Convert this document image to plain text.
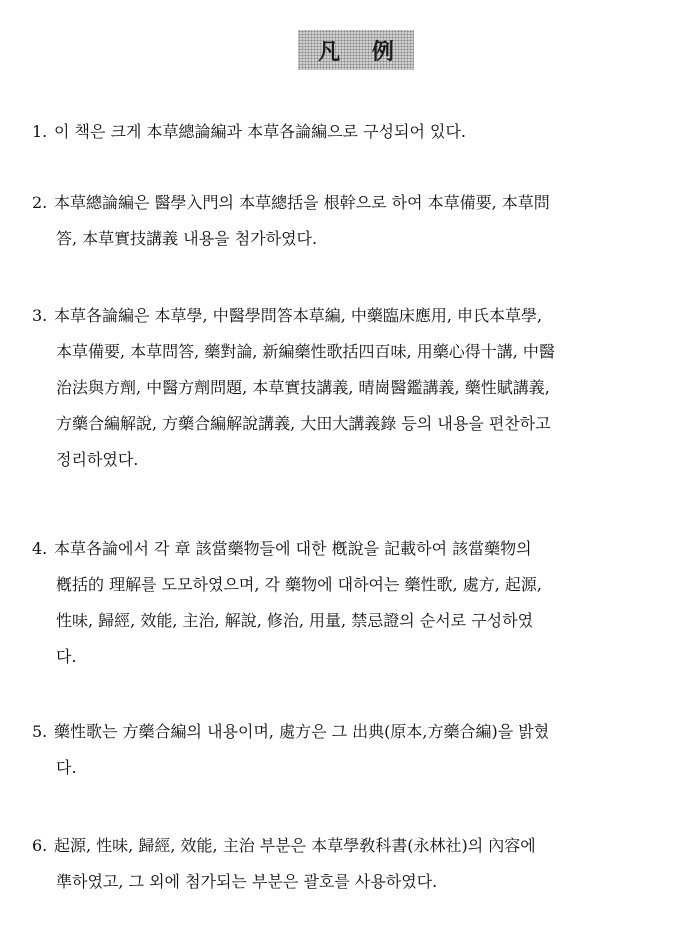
凡 例
1. 이 책은 크게 本草總論編과 本草各論編으로 구성되어 있다.
2. 本草總論編은 醫學入門의 本草總括을 根幹으로 하여 本草備要, 本草問
答, 本草實技講義 내용을 첨가하였다.
3. 本草各論編은 本草學, 中醫學問答本草編, 中藥臨床應用, 申氏本草學,
本草備要, 本草問答, 藥對論, 新編藥性歌括四百味, 用藥心得十講, 中醫
治法與方劑, 中醫方劑問題, 本草實技講義, 晴崗醫鑑講義, 藥性賦講義,
方藥合編解說, 方藥合編解說講義, 大田大講義錄 등의 내용을 편찬하고
정리하였다.
4. 本草各論에서 각 章 該當藥物들에 대한 槪說을 記載하여 該當藥物의
槪括的 理解를 도모하였으며, 각 藥物에 대하여는 藥性歌, 處方, 起源,
性味, 歸經, 效能, 主治, 解說, 修治, 用量, 禁忌證의 순서로 구성하였
다.
5. 藥性歌는 方藥合編의 내용이며, 處方은 그 出典(原本,方藥合編)을 밝혔
다.
6. 起源, 性味, 歸經, 效能, 主治 부분은 本草學敎科書(永林社)의 內容에
準하였고, 그 외에 첨가되는 부분은 괄호를 사용하였다.
